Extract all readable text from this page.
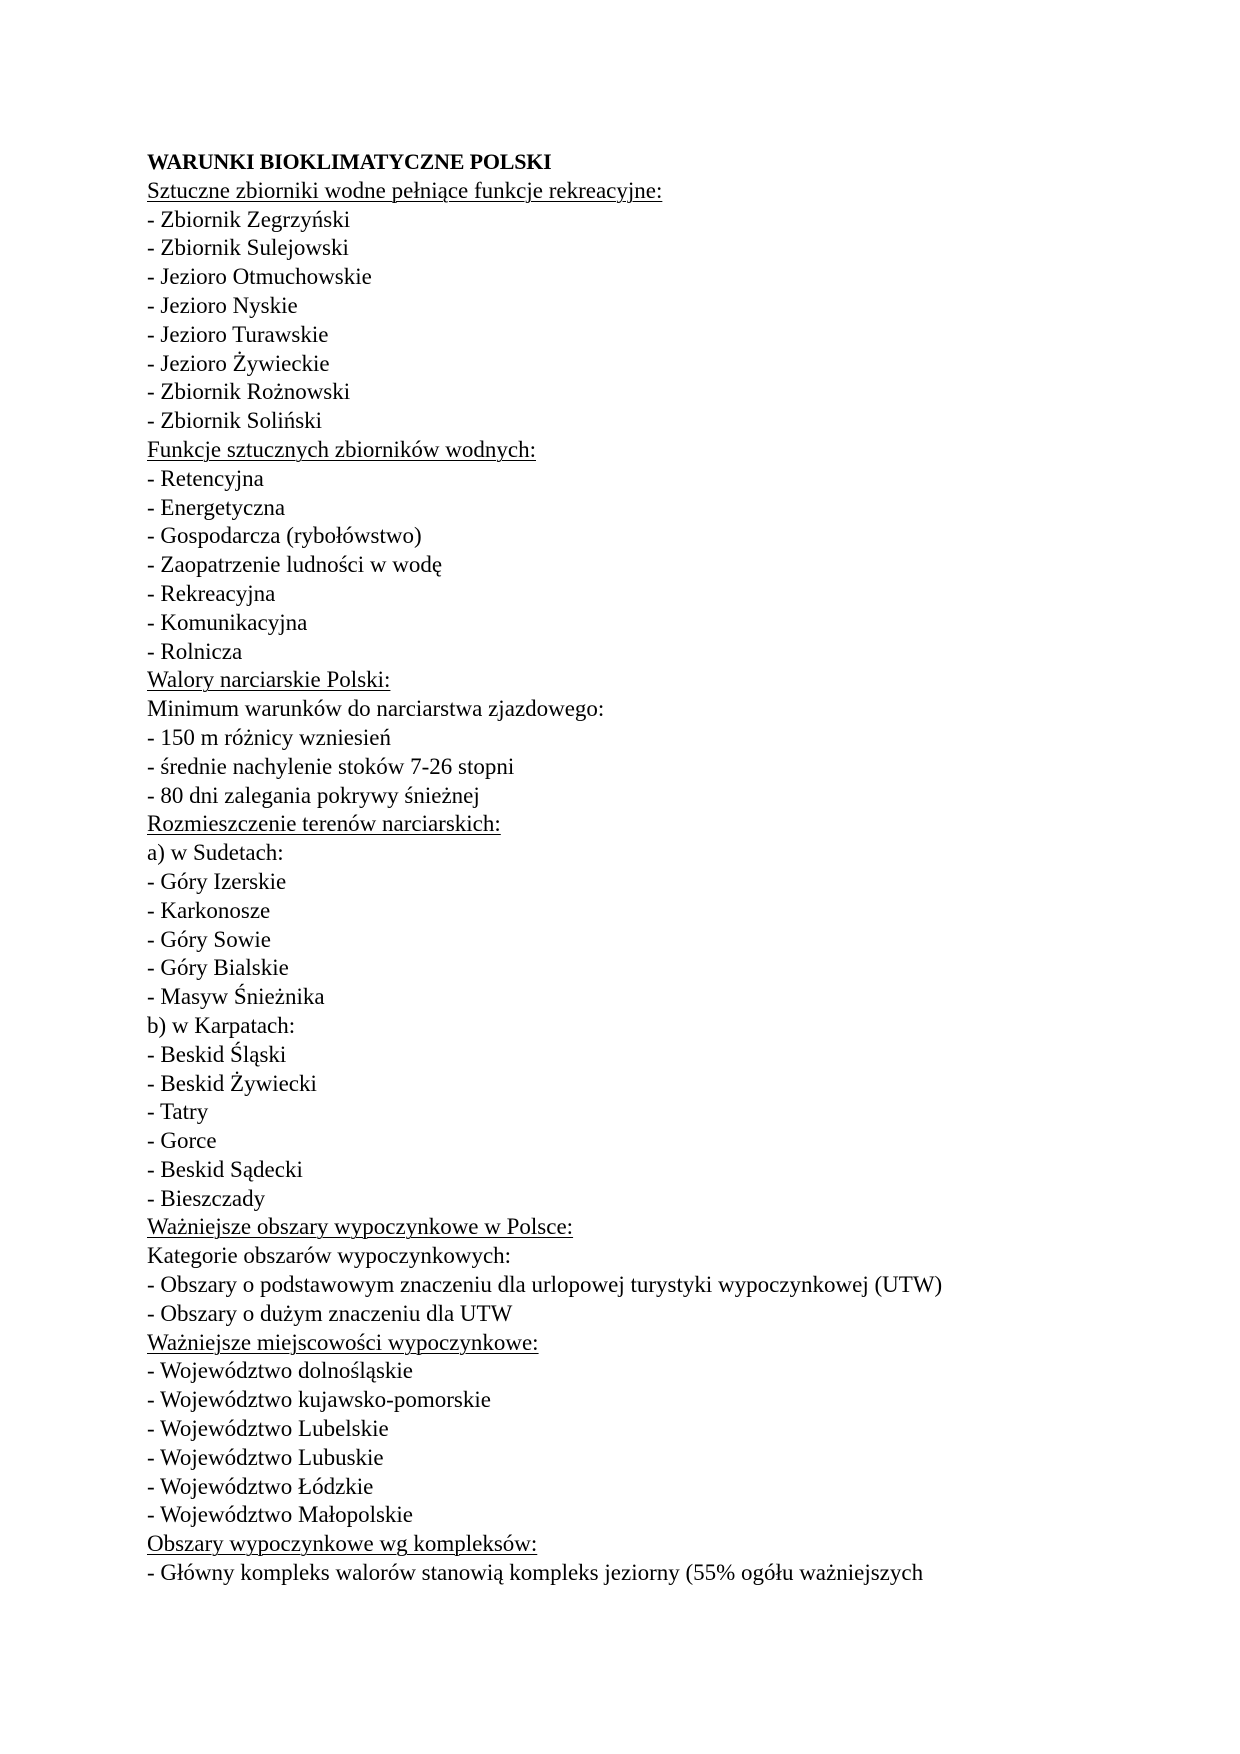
WARUNKI BIOKLIMATYCZNE POLSKI
Sztuczne zbiorniki wodne pełniące funkcje rekreacyjne:
- Zbiornik Zegrzyński
- Zbiornik Sulejowski
- Jezioro Otmuchowskie
- Jezioro Nyskie
- Jezioro Turawskie
- Jezioro Żywieckie
- Zbiornik Rożnowski
- Zbiornik Soliński
Funkcje sztucznych zbiorników wodnych:
- Retencyjna
- Energetyczna
- Gospodarcza (rybołówstwo)
- Zaopatrzenie ludności w wodę
- Rekreacyjna
- Komunikacyjna
- Rolnicza
Walory narciarskie Polski:
Minimum warunków do narciarstwa zjazdowego:
- 150 m różnicy wzniesień
- średnie nachylenie stoków 7-26 stopni
- 80 dni zalegania pokrywy śnieżnej
Rozmieszczenie terenów narciarskich:
a) w Sudetach:
- Góry Izerskie
- Karkonosze
- Góry Sowie
- Góry Bialskie
- Masyw Śnieżnika
b) w Karpatach:
- Beskid Śląski
- Beskid Żywiecki
- Tatry
- Gorce
- Beskid Sądecki
- Bieszczady
Ważniejsze obszary wypoczynkowe w Polsce:
Kategorie obszarów wypoczynkowych:
- Obszary o podstawowym znaczeniu dla urlopowej turystyki wypoczynkowej (UTW)
- Obszary o dużym znaczeniu dla UTW
Ważniejsze miejscowości wypoczynkowe:
- Województwo dolnośląskie
- Województwo kujawsko-pomorskie
- Województwo Lubelskie
- Województwo Lubuskie
- Województwo Łódzkie
- Województwo Małopolskie
Obszary wypoczynkowe wg kompleksów:
- Główny kompleks walorów stanowią kompleks jeziorny (55% ogółu ważniejszych
